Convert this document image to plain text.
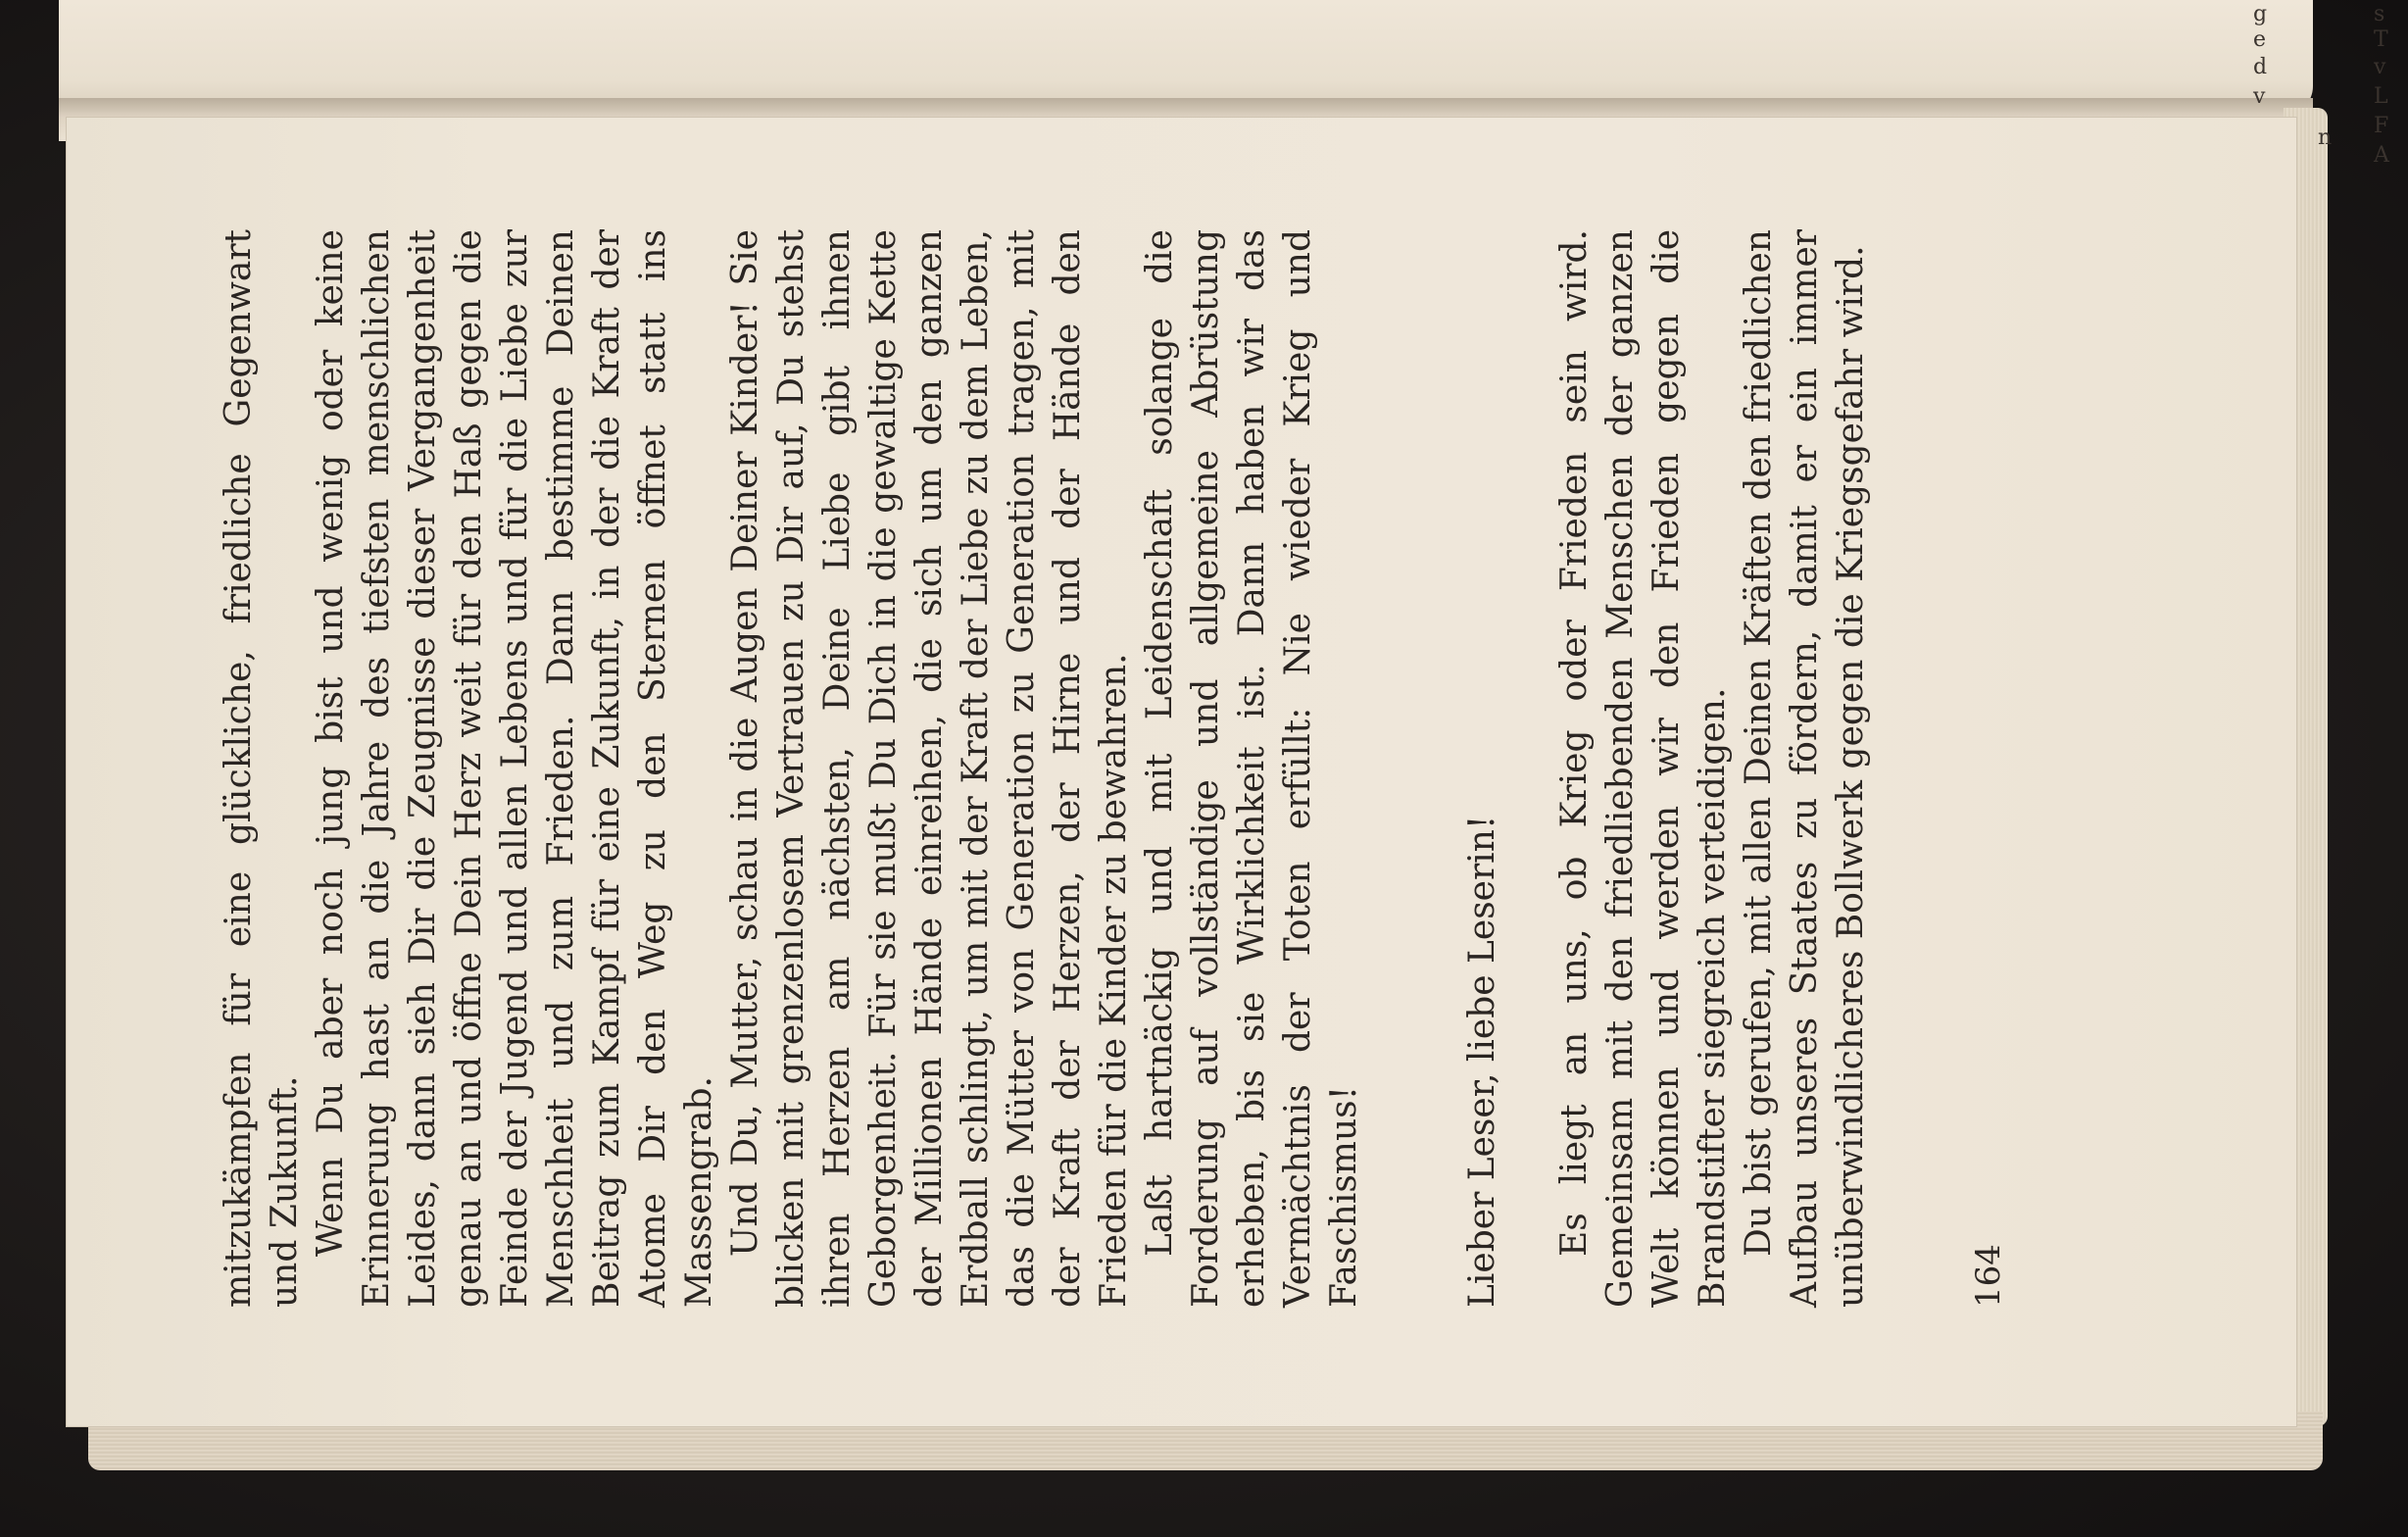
s
T
v
L
F
A
n
g
e
d
v

mitzukämpfen für eine glückliche, friedliche Gegenwart und Zukunft. Wenn Du aber noch jung bist und wenig oder keine Erinnerung hast an die Jahre des tiefsten menschlichen Leides, dann sieh Dir die Zeugnisse dieser Vergangenheit genau an und öffne Dein Herz weit für den Haß gegen die Feinde der Jugend und allen Lebens und für die Liebe zur Menschheit und zum Frieden. Dann bestimme Deinen Beitrag zum Kampf für eine Zukunft, in der die Kraft der Atome Dir den Weg zu den Sternen öffnet statt ins Massengrab. Und Du, Mutter, schau in die Augen Deiner Kinder! Sie blicken mit grenzenlosem Vertrauen zu Dir auf, Du stehst ihren Herzen am nächsten, Deine Liebe gibt ihnen Geborgenheit. Für sie mußt Du Dich in die gewaltige Kette der Millionen Hände einreihen, die sich um den ganzen Erdball schlingt, um mit der Kraft der Liebe zu dem Leben, das die Mütter von Generation zu Generation tragen, mit der Kraft der Herzen, der Hirne und der Hände den Frieden für die Kinder zu bewahren. Laßt hartnäckig und mit Leidenschaft solange die Forderung auf vollständige und allgemeine Abrüstung erheben, bis sie Wirklichkeit ist. Dann haben wir das Vermächtnis der Toten erfüllt: Nie wieder Krieg und Faschismus!	Lieber Leser, liebe Leserin! Es liegt an uns, ob Krieg oder Frieden sein wird. Gemeinsam mit den friedliebenden Menschen der ganzen Welt können und werden wir den Frieden gegen die Brandstifter siegreich verteidigen. Du bist gerufen, mit allen Deinen Kräften den friedlichen Aufbau unseres Staates zu fördern, damit er ein immer unüberwindlicheres Bollwerk gegen die Kriegsgefahr wird.	164
